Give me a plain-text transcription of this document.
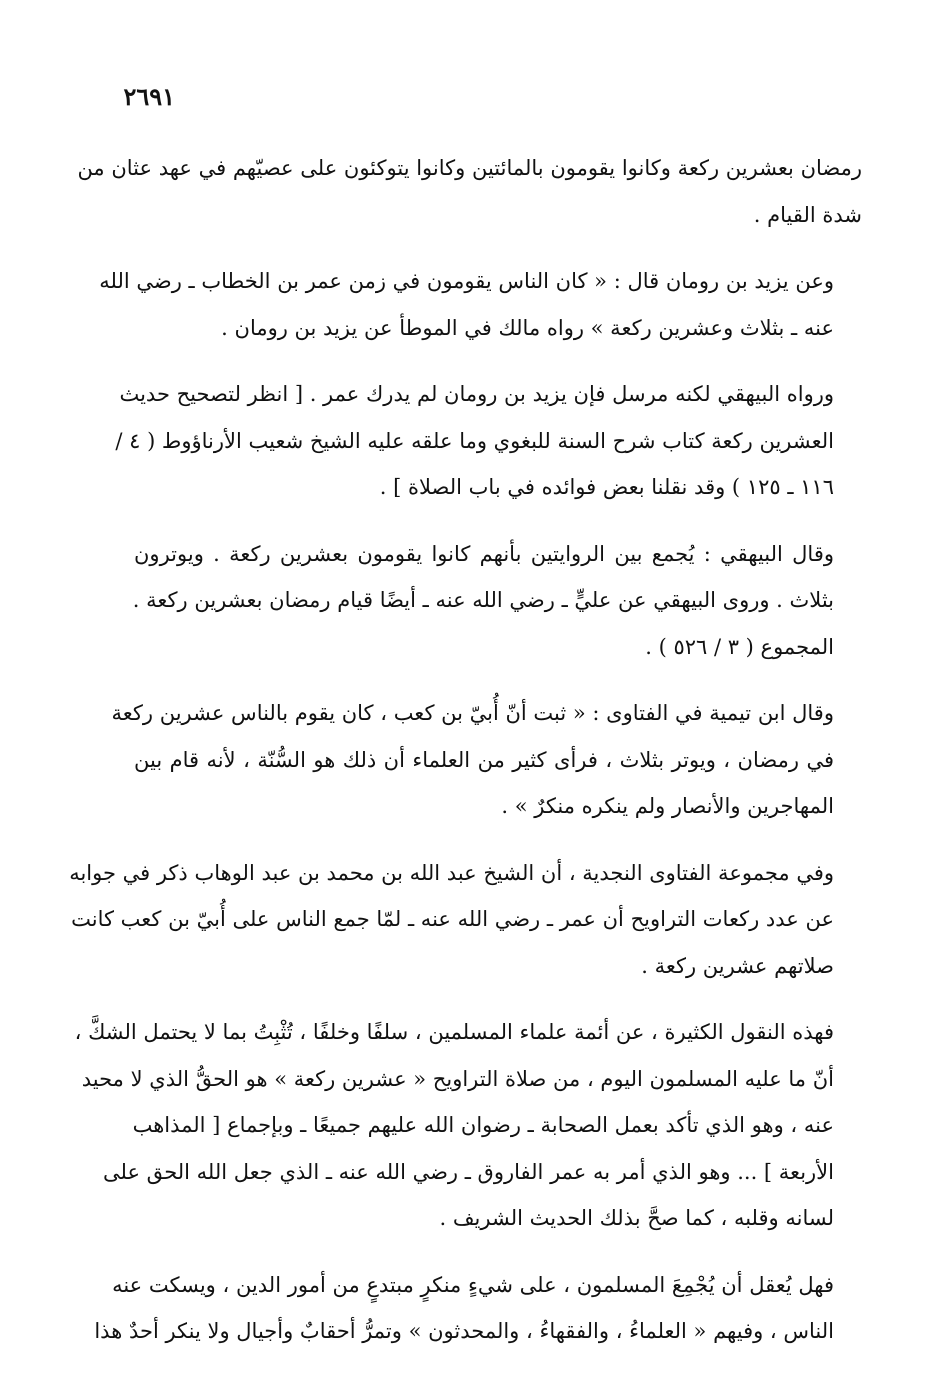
٢٦٩١

رمضان بعشرين ركعة وكانوا يقومون بالمائتين وكانوا يتوكئون على عصيّهم في عهد عثان من
شدة القيام .

وعن يزيد بن رومان قال : « كان الناس يقومون في زمن عمر بن الخطاب ـ رضي الله
عنه ـ بثلاث وعشرين ركعة » رواه مالك في الموطأ عن يزيد بن رومان .

ورواه البيهقي لكنه مرسل فإن يزيد بن رومان لم يدرك عمر . [ انظر لتصحيح حديث
العشرين ركعة كتاب شرح السنة للبغوي وما علقه عليه الشيخ شعيب الأرناؤوط ( ٤ /
١١٦ ـ ١٢٥ ) وقد نقلنا بعض فوائده في باب الصلاة ] .

وقال البيهقي : يُجمع بين الروايتين بأنهم كانوا يقومون بعشرين ركعة . ويوترون
بثلاث . وروى البيهقي عن عليٍّ ـ رضي الله عنه ـ أيضًا قيام رمضان بعشرين ركعة .
المجموع ( ٣ / ٥٢٦ ) .

وقال ابن تيمية في الفتاوى : « ثبت أنّ أُبيّ بن كعب ، كان يقوم بالناس عشرين ركعة
في رمضان ، ويوتر بثلاث ، فرأى كثير من العلماء أن ذلك هو السُّنّة ، لأنه قام بين
المهاجرين والأنصار ولم ينكره منكرٌ » .

وفي مجموعة الفتاوى النجدية ، أن الشيخ عبد الله بن محمد بن عبد الوهاب ذكر في جوابه
عن عدد ركعات التراويح أن عمر ـ رضي الله عنه ـ لمّا جمع الناس على أُبيّ بن كعب كانت
صلاتهم عشرين ركعة .

فهذه النقول الكثيرة ، عن أئمة علماء المسلمين ، سلفًا وخلفًا ، تُثْبِتُ بما لا يحتمل الشكَّ ،
أنّ ما عليه المسلمون اليوم ، من صلاة التراويح « عشرين ركعة » هو الحقُّ الذي لا محيد
عنه ، وهو الذي تأكد بعمل الصحابة ـ رضوان الله عليهم جميعًا ـ وبإجماع [ المذاهب
الأربعة ] ... وهو الذي أمر به عمر الفاروق ـ رضي الله عنه ـ الذي جعل الله الحق على
لسانه وقلبه ، كما صحَّ بذلك الحديث الشريف .

فهل يُعقل أن يُجْمِعَ المسلمون ، على شيءٍ منكرٍ مبتدعٍ من أمور الدين ، ويسكت عنه
الناس ، وفيهم « العلماءُ ، والفقهاءُ ، والمحدثون » وتمرُّ أحقابٌ وأجيال ولا ينكر أحدٌ هذا
